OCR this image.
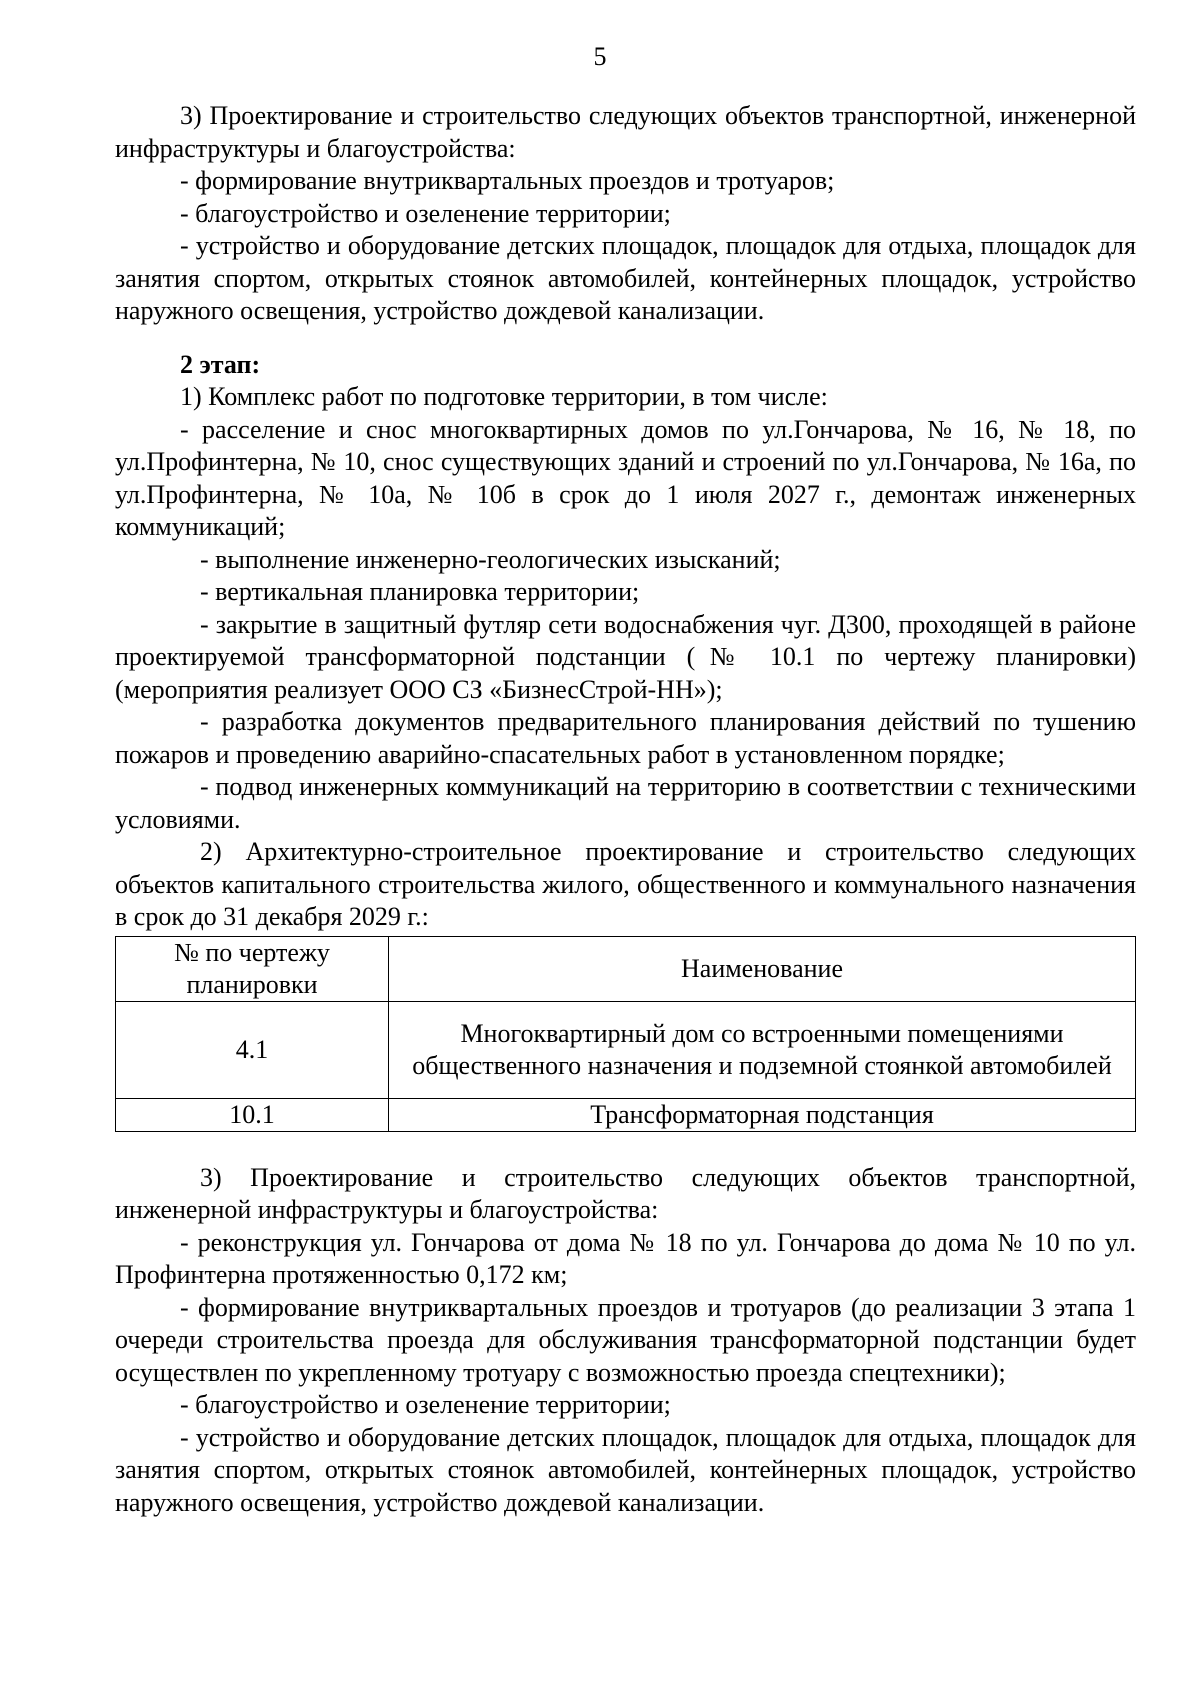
5

3) Проектирование и строительство следующих объектов транспортной, инженерной инфраструктуры и благоустройства:

- формирование внутриквартальных проездов и тротуаров;

- благоустройство и озеленение территории;

- устройство и оборудование детских площадок, площадок для отдыха, площадок для занятия спортом, открытых стоянок автомобилей, контейнерных площадок, устройство наружного освещения, устройство дождевой канализации.

2 этап:

1) Комплекс работ по подготовке территории, в том числе:

- расселение и снос многоквартирных домов по ул.Гончарова, № 16, № 18, по ул.Профинтерна, № 10, снос существующих зданий и строений по ул.Гончарова, № 16а, по ул.Профинтерна, № 10а, № 10б в срок до 1 июля 2027 г., демонтаж инженерных коммуникаций;

- выполнение инженерно-геологических изысканий;

- вертикальная планировка территории;

- закрытие в защитный футляр сети водоснабжения чуг. Д300, проходящей в районе проектируемой трансформаторной подстанции (№ 10.1 по чертежу планировки) (мероприятия реализует ООО СЗ «БизнесСтрой-НН»);

- разработка документов предварительного планирования действий по тушению пожаров и проведению аварийно-спасательных работ в установленном порядке;

- подвод инженерных коммуникаций на территорию в соответствии с техническими условиями.

2) Архитектурно-строительное проектирование и строительство следующих объектов капитального строительства жилого, общественного и коммунального назначения в срок до 31 декабря 2029 г.:

№ по чертежу планировки	Наименование
4.1	Многоквартирный дом со встроенными помещениями общественного назначения и подземной стоянкой автомобилей
10.1	Трансформаторная подстанция

3) Проектирование и строительство следующих объектов транспортной, инженерной инфраструктуры и благоустройства:

- реконструкция ул. Гончарова от дома № 18 по ул. Гончарова до дома № 10 по ул. Профинтерна протяженностью 0,172 км;

- формирование внутриквартальных проездов и тротуаров (до реализации 3 этапа 1 очереди строительства проезда для обслуживания трансформаторной подстанции будет осуществлен по укрепленному тротуару с возможностью проезда спецтехники);

- благоустройство и озеленение территории;

- устройство и оборудование детских площадок, площадок для отдыха, площадок для занятия спортом, открытых стоянок автомобилей, контейнерных площадок, устройство наружного освещения, устройство дождевой канализации.
